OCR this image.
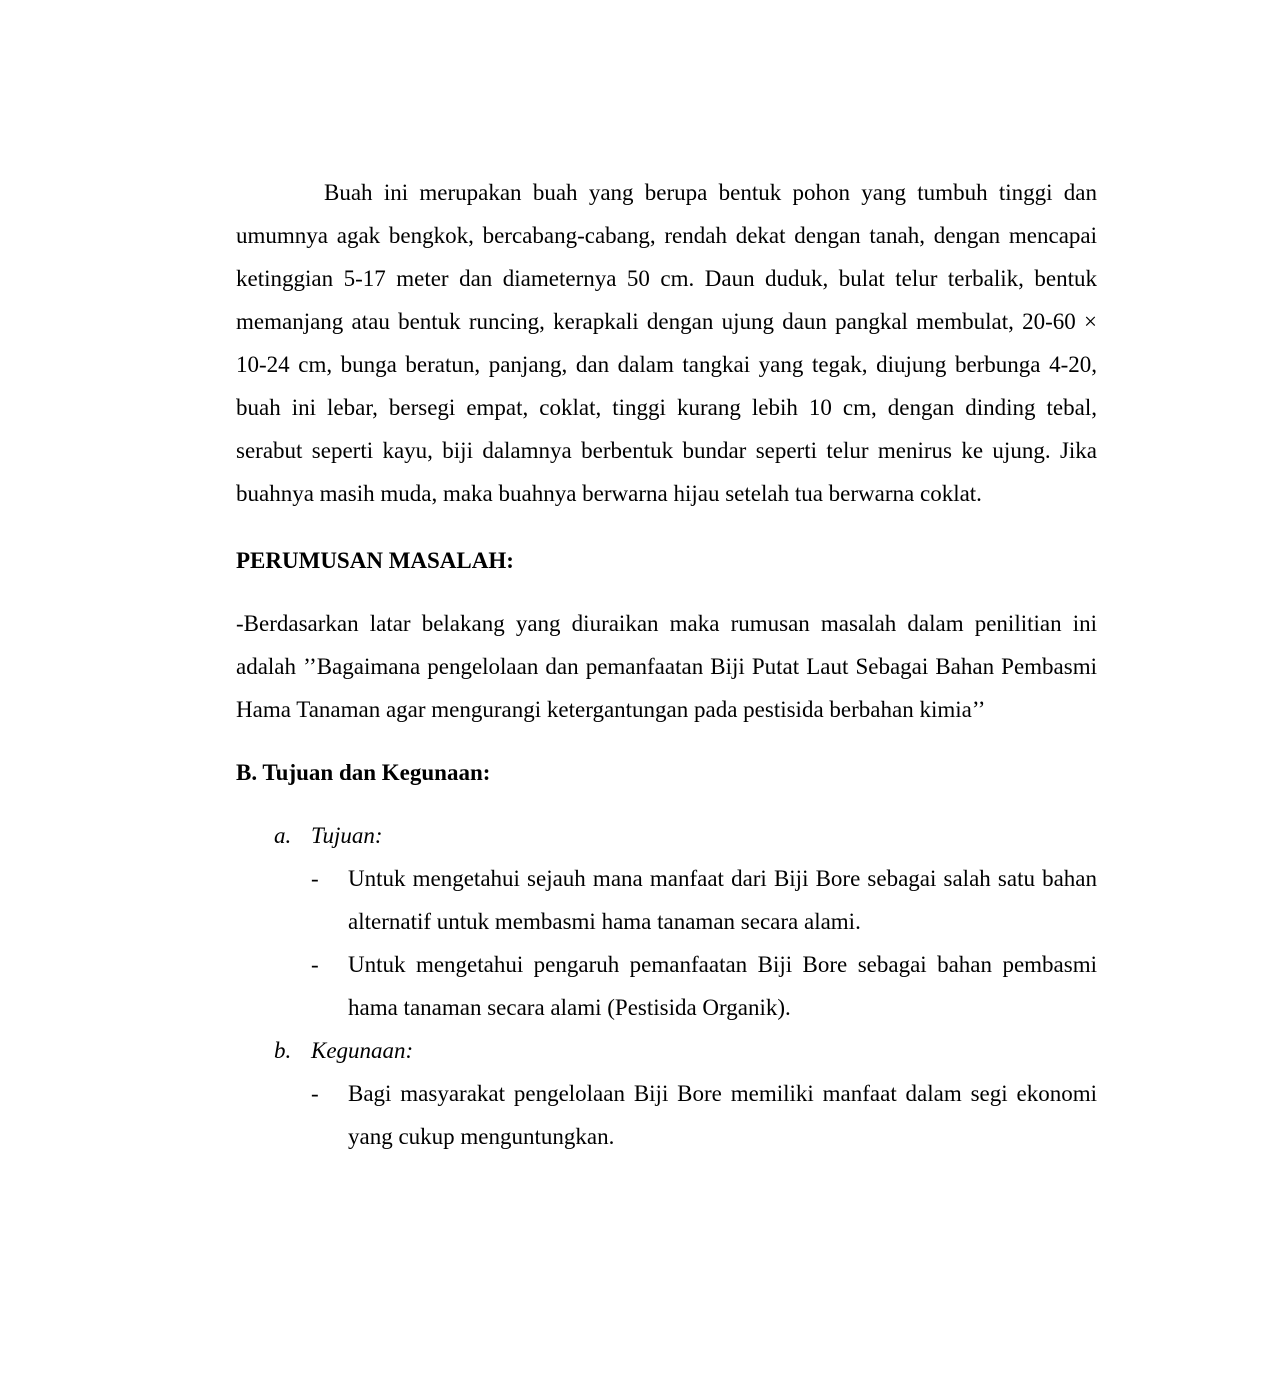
Buah ini merupakan buah yang berupa bentuk pohon yang tumbuh tinggi dan umumnya agak bengkok, bercabang-cabang, rendah dekat dengan tanah, dengan mencapai ketinggian 5-17 meter dan diameternya 50 cm. Daun duduk, bulat telur terbalik, bentuk memanjang atau bentuk runcing, kerapkali dengan ujung daun pangkal membulat, 20-60 × 10-24 cm, bunga beratun, panjang, dan dalam tangkai yang tegak, diujung berbunga 4-20, buah ini lebar, bersegi empat, coklat, tinggi kurang lebih 10 cm, dengan dinding tebal, serabut seperti kayu, biji dalamnya berbentuk bundar seperti telur menirus ke ujung. Jika buahnya masih muda, maka buahnya berwarna hijau setelah tua berwarna coklat.

PERUMUSAN MASALAH:

-Berdasarkan latar belakang yang diuraikan maka rumusan masalah dalam penilitian ini adalah ’’Bagaimana pengelolaan dan pemanfaatan Biji Putat Laut Sebagai Bahan Pembasmi Hama Tanaman agar mengurangi ketergantungan pada pestisida berbahan kimia’’

B. Tujuan dan Kegunaan:

a. Tujuan:
- Untuk mengetahui sejauh mana manfaat dari Biji Bore sebagai salah satu bahan alternatif untuk membasmi hama tanaman secara alami.
- Untuk mengetahui pengaruh pemanfaatan Biji Bore sebagai bahan pembasmi hama tanaman secara alami (Pestisida Organik).
b. Kegunaan:
- Bagi masyarakat pengelolaan Biji Bore memiliki manfaat dalam segi ekonomi yang cukup menguntungkan.
